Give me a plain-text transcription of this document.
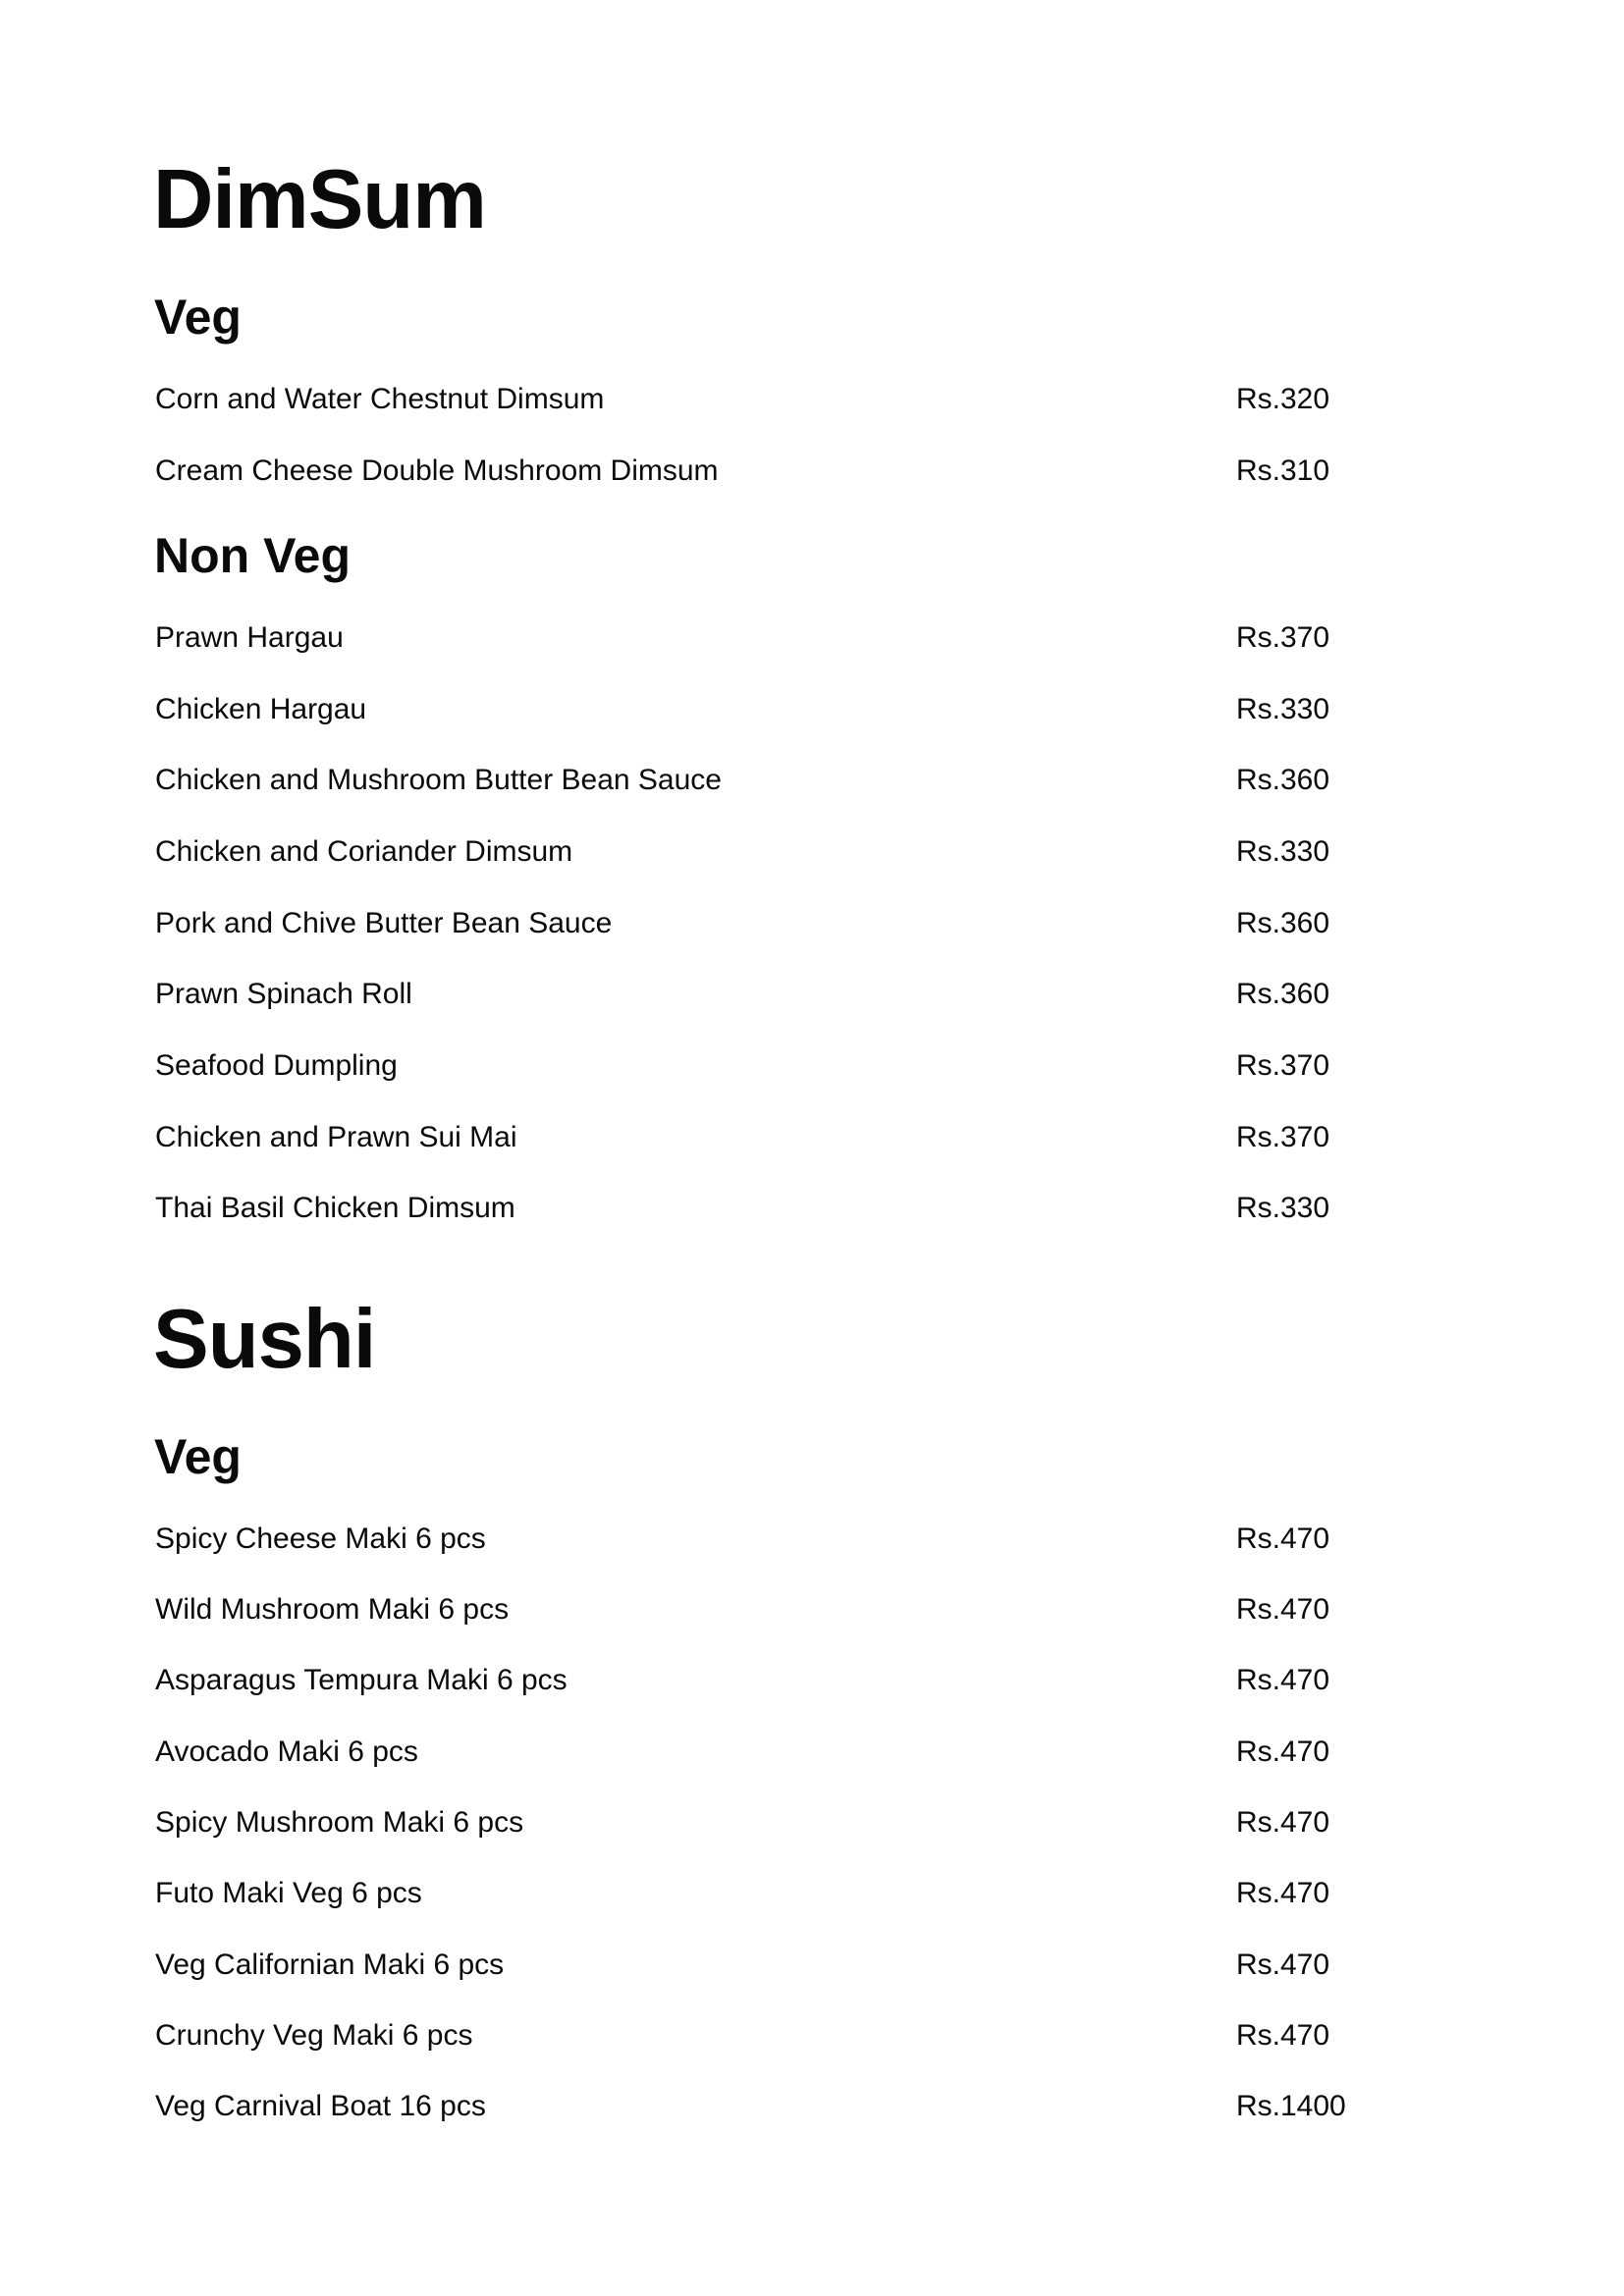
DimSum
Veg
Corn and Water Chestnut Dimsum	Rs.320
Cream Cheese Double Mushroom Dimsum	Rs.310
Non Veg
Prawn Hargau	Rs.370
Chicken Hargau	Rs.330
Chicken and Mushroom Butter Bean Sauce	Rs.360
Chicken and Coriander Dimsum	Rs.330
Pork and Chive Butter Bean Sauce	Rs.360
Prawn Spinach Roll	Rs.360
Seafood Dumpling	Rs.370
Chicken and Prawn Sui Mai	Rs.370
Thai Basil Chicken Dimsum	Rs.330
Sushi
Veg
Spicy Cheese Maki 6 pcs	Rs.470
Wild Mushroom Maki 6 pcs	Rs.470
Asparagus Tempura Maki 6 pcs	Rs.470
Avocado Maki 6 pcs	Rs.470
Spicy Mushroom Maki 6 pcs	Rs.470
Futo Maki Veg 6 pcs	Rs.470
Veg Californian Maki 6 pcs	Rs.470
Crunchy Veg Maki 6 pcs	Rs.470
Veg Carnival Boat 16 pcs	Rs.1400
